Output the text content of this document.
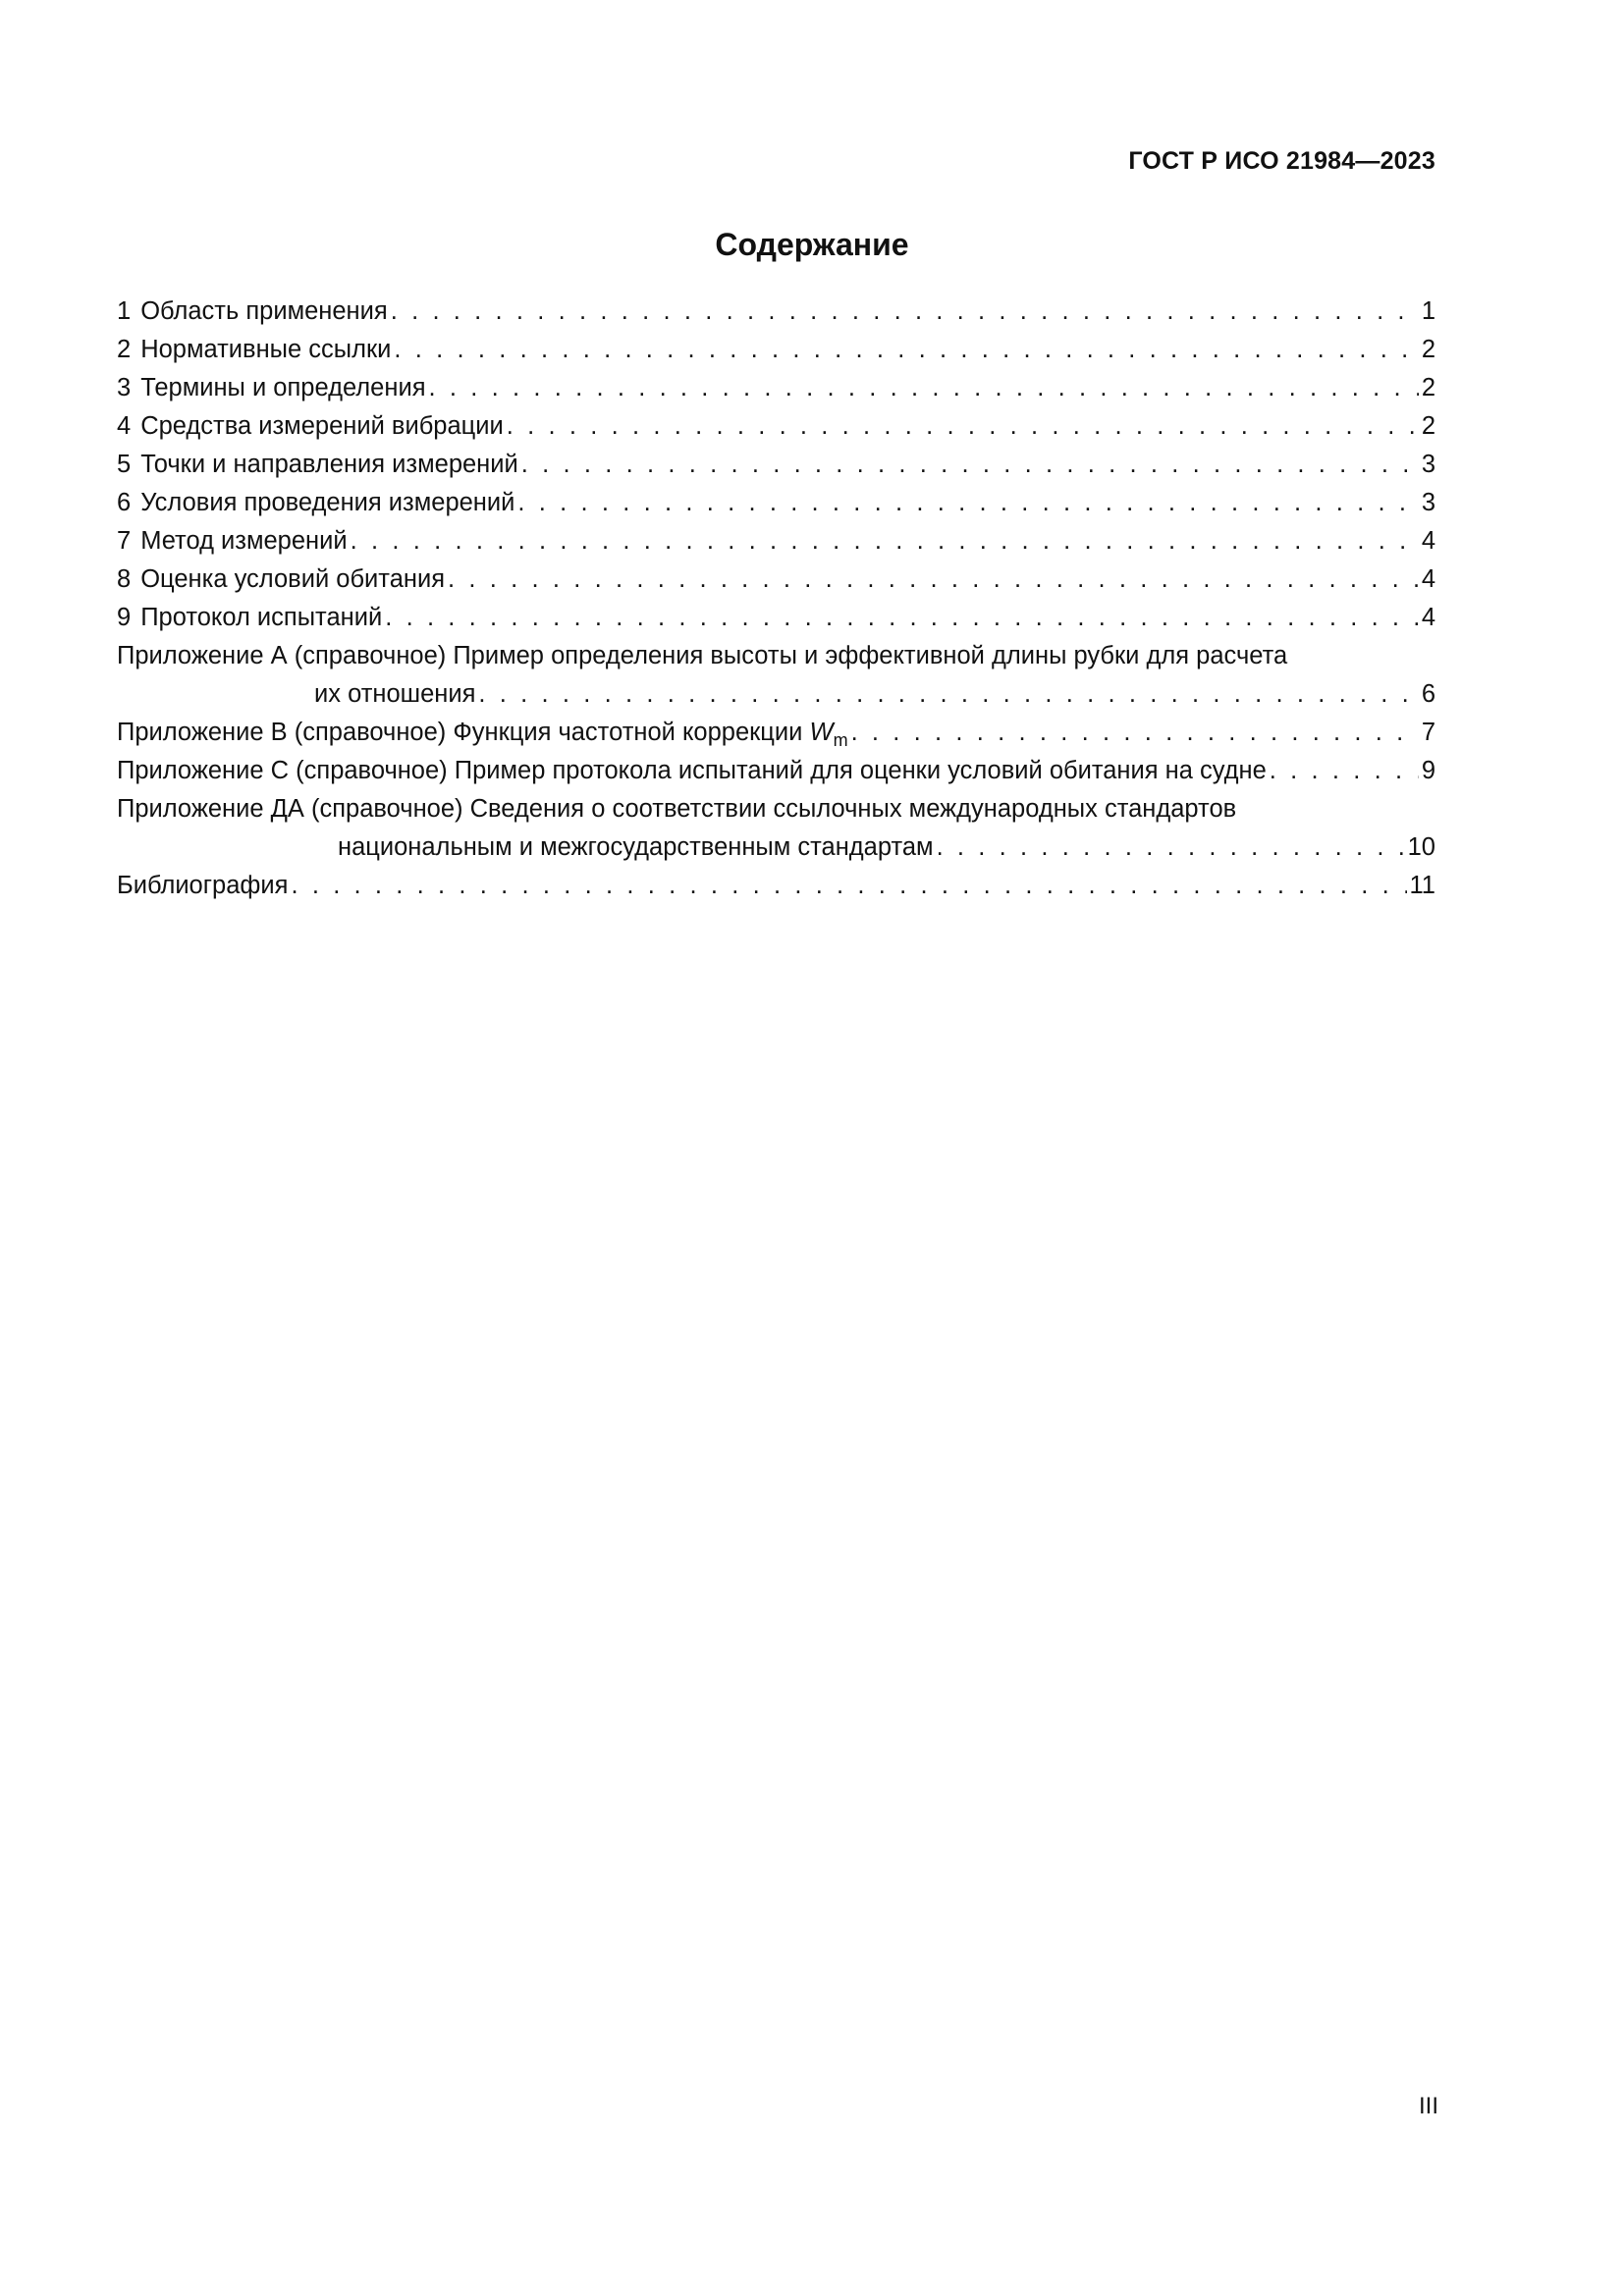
ГОСТ Р ИСО 21984—2023
Содержание
1 Область применения . . .	1
2 Нормативные ссылки . . .	2
3 Термины и определения . . .	2
4 Средства измерений вибрации . . .	2
5 Точки и направления измерений . . .	3
6 Условия проведения измерений . . .	3
7 Метод измерений . . .	4
8 Оценка условий обитания . . .	4
9 Протокол испытаний . . .	4
Приложение А (справочное) Пример определения высоты и эффективной длины рубки для расчета
их отношения . . .	6
Приложение В (справочное) Функция частотной коррекции $W_m$ . . .	7
Приложение С (справочное) Пример протокола испытаний для оценки условий обитания на судне . . .	9
Приложение ДА (справочное) Сведения о соответствии ссылочных международных стандартов
национальным и межгосударственным стандартам . . .	10
Библиография . . .	11
III
